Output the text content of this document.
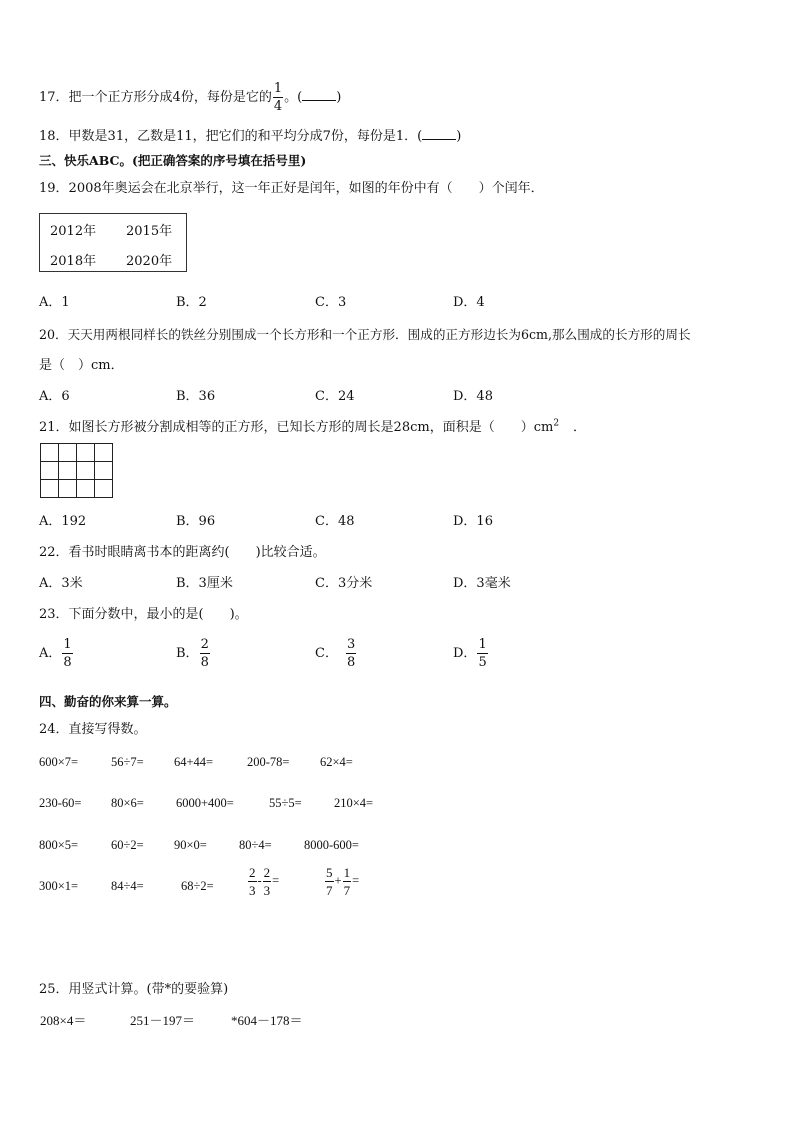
17．把一个正方形分成4份，每份是它的 $\frac{1}{4}$ 。(	)
18．甲数是31，乙数是11，把它们的和平均分成7份，每份是1．(	)
三、快乐ABC。(把正确答案的序号填在括号里)
19．2008年奥运会在北京举行，这一年正好是闰年，如图的年份中有（　　）个闰年．
2012年 2015年
2018年 2020年
A．1	B．2	C．3	D．4
20．天天用两根同样长的铁丝分别围成一个长方形和一个正方形．围成的正方形边长为6cm,那么围成的长方形的周长
是（　）cm．
A．6	B．36	C．24	D．48
21．如图长方形被分割成相等的正方形，已知长方形的周长是28cm，面积是（　　）$cm^2$ ．

A．192	B．96	C．48	D．16
22．看书时眼睛离书本的距离约(　　)比较合适。
A．3米	B．3厘米	C．3分米	D．3毫米
23．下面分数中，最小的是(　　)。
A． $\frac{1}{8}$	B． $\frac{2}{8}$	C． $\frac{3}{8}$	D． $\frac{1}{5}$
四、勤奋的你来算一算。
24．直接写得数。
600×7=	56÷7= 64+44=	200-78= 62×4=
230-60= 80×6=	6000+400=	55÷5=	210×4=
800×5=	60÷2= 90×0=	80÷4=	8000-600=
300×1=	84÷4=	68÷2=	$\frac{2}{3} - \frac{2}{3}$ =	$\frac{5}{7} + \frac{1}{7}$ =
25．用竖式计算。(带*的要验算)
208×4＝	251－197＝	*604－178＝
